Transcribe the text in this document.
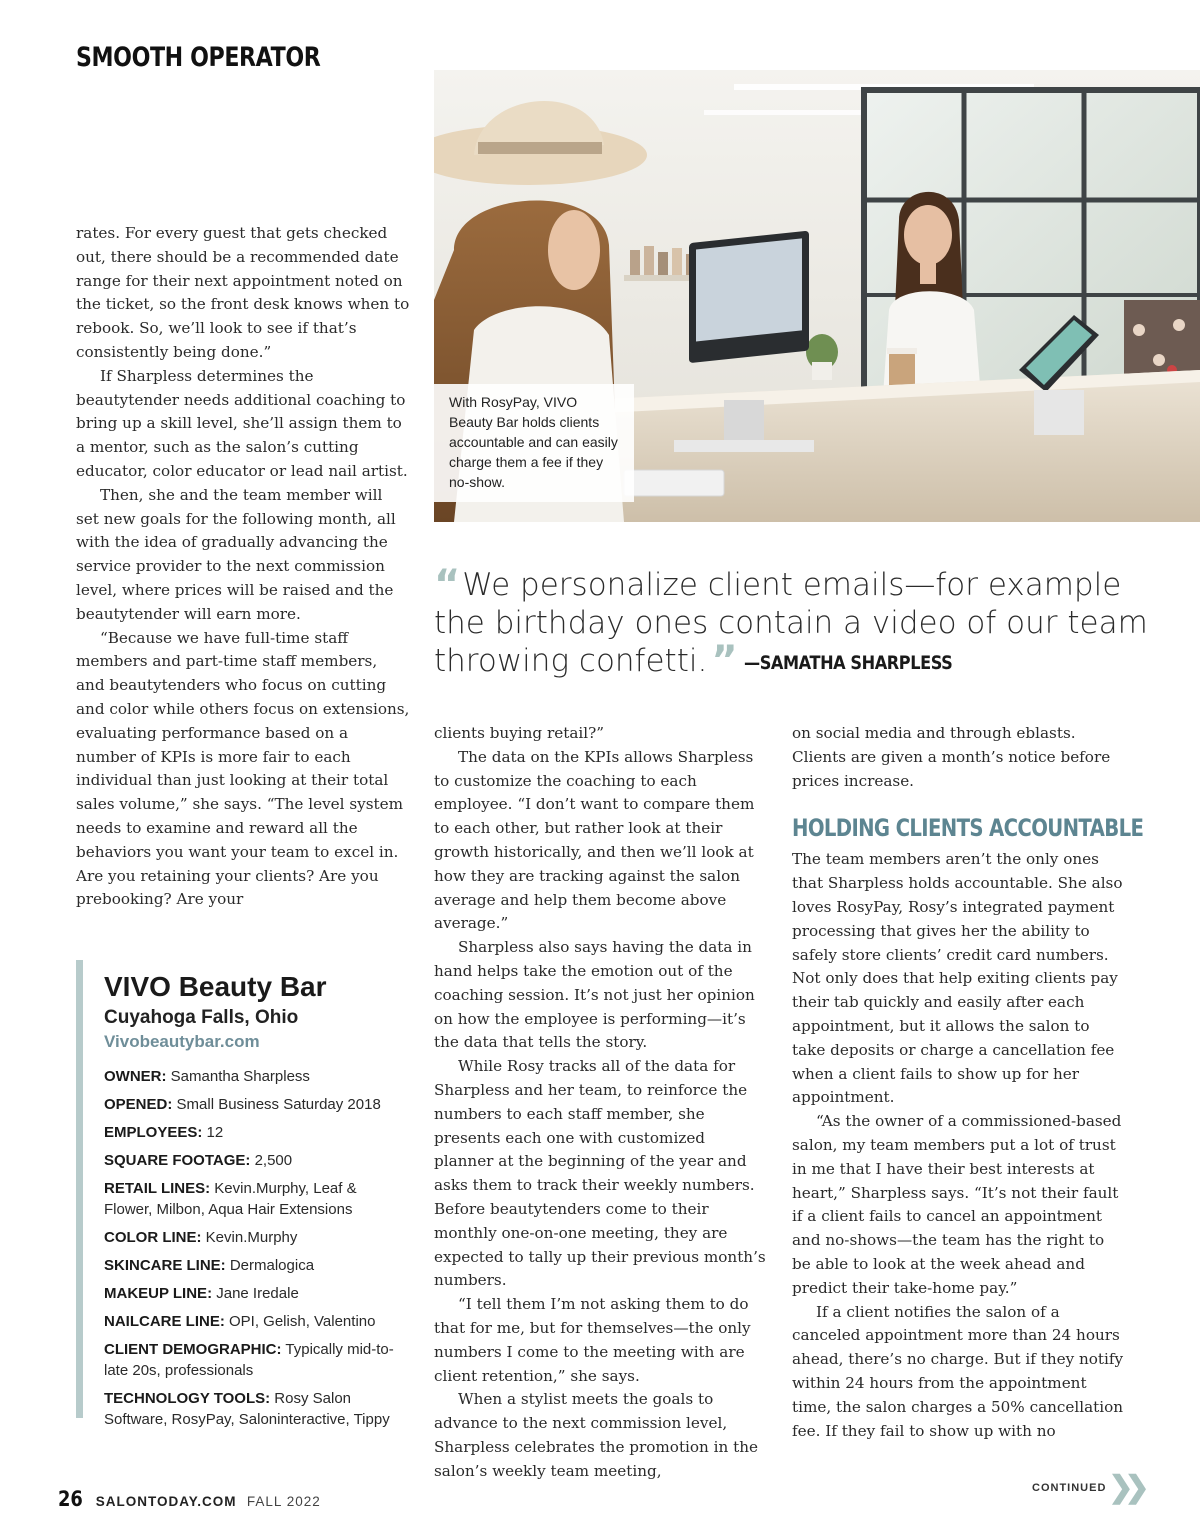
SMOOTH OPERATOR

rates. For every guest that gets checked out, there should be a recommended date range for their next appointment noted on the ticket, so the front desk knows when to rebook. So, we’ll look to see if that’s consistently being done.”

If Sharpless determines the beautytender needs additional coaching to bring up a skill level, she’ll assign them to a mentor, such as the salon’s cutting educator, color educator or lead nail artist.

Then, she and the team member will set new goals for the following month, all with the idea of gradually advancing the service provider to the next commission level, where prices will be raised and the beautytender will earn more.

“Because we have full-time staff members and part-time staff members, and beautytenders who focus on cutting and color while others focus on extensions, evaluating performance based on a number of KPIs is more fair to each individual than just looking at their total sales volume,” she says. “The level system needs to examine and reward all the behaviors you want your team to excel in. Are you retaining your clients? Are you prebooking? Are your

With RosyPay, VIVO Beauty Bar holds clients accountable and can easily charge them a fee if they no-show.
“We personalize client emails—for example the birthday ones contain a video of our team throwing confetti. ” —SAMATHA SHARPLESS

clients buying retail?”

The data on the KPIs allows Sharpless to customize the coaching to each employee. “I don’t want to compare them to each other, but rather look at their growth historically, and then we’ll look at how they are tracking against the salon average and help them become above average.”

Sharpless also says having the data in hand helps take the emotion out of the coaching session. It’s not just her opinion on how the employee is performing—it’s the data that tells the story.

While Rosy tracks all of the data for Sharpless and her team, to reinforce the numbers to each staff member, she presents each one with customized planner at the beginning of the year and asks them to track their weekly numbers. Before beautytenders come to their monthly one-on-one meeting, they are expected to tally up their previous month’s numbers.

“I tell them I’m not asking them to do that for me, but for themselves—the only numbers I come to the meeting with are client retention,” she says.

When a stylist meets the goals to advance to the next commission level, Sharpless celebrates the promotion in the salon’s weekly team meeting,

on social media and through eblasts. Clients are given a month’s notice before prices increase.

HOLDING CLIENTS ACCOUNTABLE

The team members aren’t the only ones that Sharpless holds accountable. She also loves RosyPay, Rosy’s integrated payment processing that gives her the ability to safely store clients’ credit card numbers. Not only does that help exiting clients pay their tab quickly and easily after each appointment, but it allows the salon to take deposits or charge a cancellation fee when a client fails to show up for her appointment.

“As the owner of a commissioned-based salon, my team members put a lot of trust in me that I have their best interests at heart,” Sharpless says. “It’s not their fault if a client fails to cancel an appointment and no-shows—the team has the right to be able to look at the week ahead and predict their take-home pay.”

If a client notifies the salon of a canceled appointment more than 24 hours ahead, there’s no charge. But if they notify within 24 hours from the appointment time, the salon charges a 50% cancellation fee. If they fail to show up with no

VIVO Beauty Bar
Cuyahoga Falls, Ohio
Vivobeautybar.com
OWNER: Samantha Sharpless
OPENED: Small Business Saturday 2018
EMPLOYEES: 12
SQUARE FOOTAGE: 2,500
RETAIL LINES: Kevin.Murphy, Leaf & Flower, Milbon, Aqua Hair Extensions
COLOR LINE: Kevin.Murphy
SKINCARE LINE: Dermalogica
MAKEUP LINE: Jane Iredale
NAILCARE LINE: OPI, Gelish, Valentino
CLIENT DEMOGRAPHIC: Typically mid-to-late 20s, professionals
TECHNOLOGY TOOLS: Rosy Salon Software, RosyPay, Saloninteractive, Tippy
26 SALONTODAY.COM FALL 2022
CONTINUED❯❯
